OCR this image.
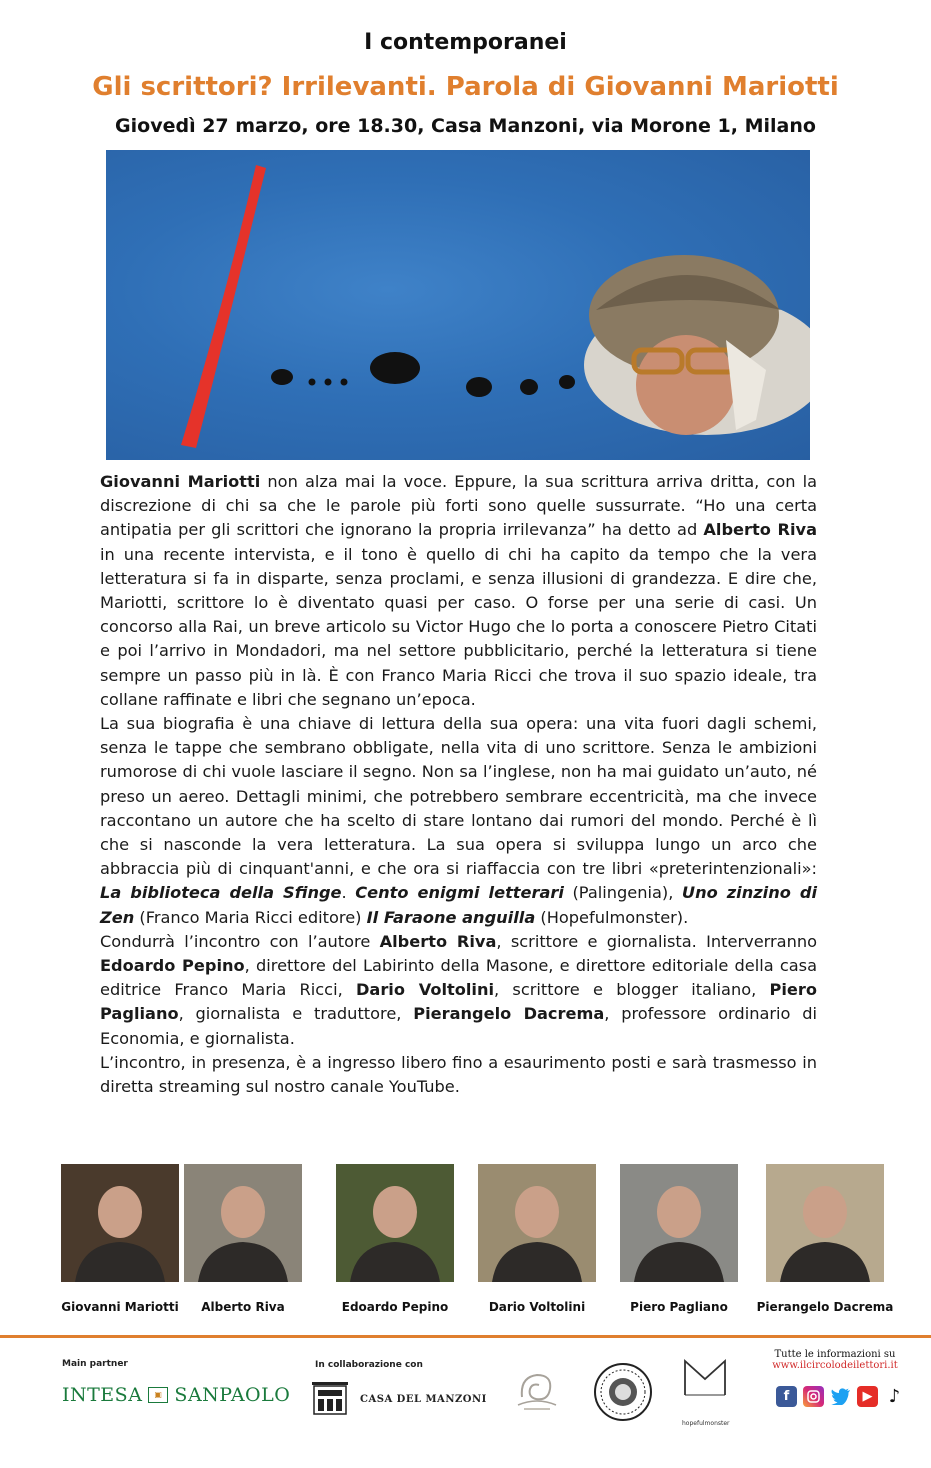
I contemporanei
Gli scrittori? Irrilevanti. Parola di Giovanni Mariotti
Giovedì 27 marzo, ore 18.30, Casa Manzoni, via Morone 1, Milano

Giovanni Mariotti non alza mai la voce. Eppure, la sua scrittura arriva dritta, con la discrezione di chi sa che le parole più forti sono quelle sussurrate. “Ho una certa antipatia per gli scrittori che ignorano la propria irrilevanza” ha detto ad Alberto Riva in una recente intervista, e il tono è quello di chi ha capito da tempo che la vera letteratura si fa in disparte, senza proclami, e senza illusioni di grandezza. E dire che, Mariotti, scrittore lo è diventato quasi per caso. O forse per una serie di casi. Un concorso alla Rai, un breve articolo su Victor Hugo che lo porta a conoscere Pietro Citati e poi l’arrivo in Mondadori, ma nel settore pubblicitario, perché la letteratura si tiene sempre un passo più in là. È con Franco Maria Ricci che trova il suo spazio ideale, tra collane raffinate e libri che segnano un’epoca.

La sua biografia è una chiave di lettura della sua opera: una vita fuori dagli schemi, senza le tappe che sembrano obbligate, nella vita di uno scrittore. Senza le ambizioni rumorose di chi vuole lasciare il segno. Non sa l’inglese, non ha mai guidato un’auto, né preso un aereo. Dettagli minimi, che potrebbero sembrare eccentricità, ma che invece raccontano un autore che ha scelto di stare lontano dai rumori del mondo. Perché è lì che si nasconde la vera letteratura. La sua opera si sviluppa lungo un arco che abbraccia più di cinquant'anni, e che ora si riaffaccia con tre libri «preterintenzionali»: La biblioteca della Sfinge. Cento enigmi letterari (Palingenia), Uno zinzino di Zen (Franco Maria Ricci editore) Il Faraone anguilla (Hopefulmonster).

Condurrà l’incontro con l’autore Alberto Riva, scrittore e giornalista. Interverranno Edoardo Pepino, direttore del Labirinto della Masone, e direttore editoriale della casa editrice Franco Maria Ricci, Dario Voltolini, scrittore e blogger italiano, Piero Pagliano, giornalista e traduttore, Pierangelo Dacrema, professore ordinario di Economia, e giornalista.

L’incontro, in presenza, è a ingresso libero fino a esaurimento posti e sarà trasmesso in diretta streaming sul nostro canale YouTube.

Giovanni Mariotti	Alberto Riva	Edoardo Pepino	Dario Voltolini	Piero Pagliano	Pierangelo Dacrema
Main partner
INTESA	▣ SANPAOLO
In collaborazione con
CASA DEL MANZONI
hopefulmonster
Tutte le informazioni su
www.ilcircolodeilettori.it
f	▶ ♪
